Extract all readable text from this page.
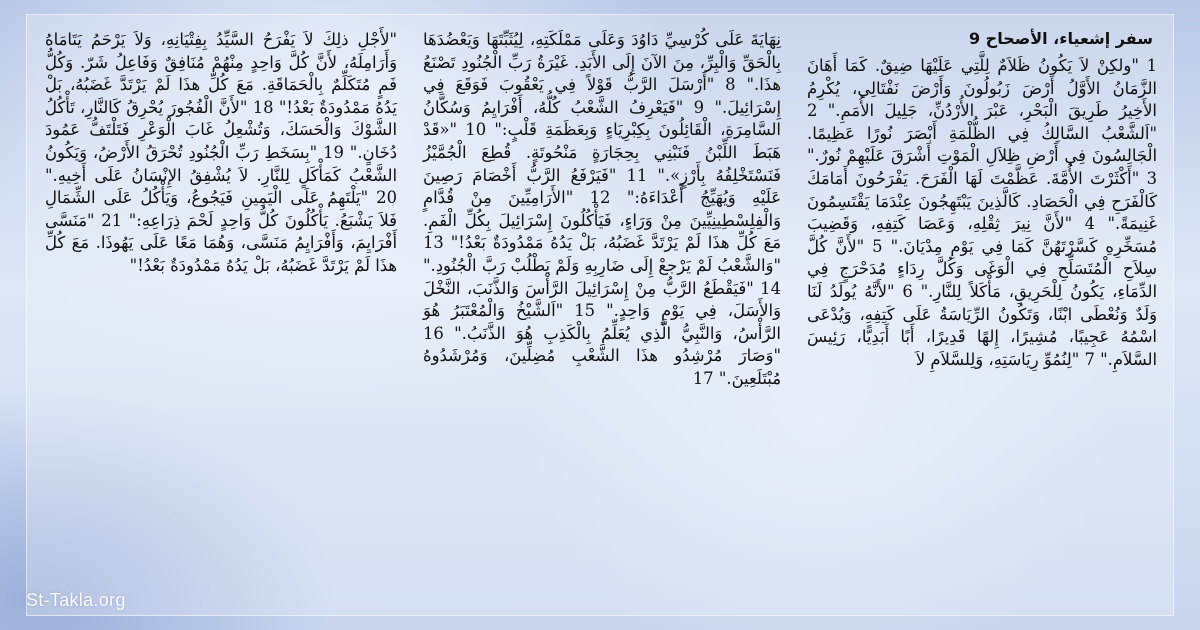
سفر إشعياء، الأصحاح 9

1 "ولكِنْ لاَ يَكُونُ ظَلاَمٌ لِلَّتِي عَلَيْهَا ضِيقٌ. كَمَا أَهَانَ الزَّمَانُ الأَوَّلُ أَرْضَ زَبُولُونَ وَأَرْضَ نَفْتَالِي، يُكْرِمُ الأَخِيرُ طَرِيقَ الْبَحْرِ، عَبْرَ الأُرْدُنِّ، جَلِيلَ الأُمَمِ." 2 "اَلشَّعْبُ السَّالِكُ فِي الظُّلْمَةِ أَبْصَرَ نُورًا عَظِيمًا. الْجَالِسُونَ فِي أَرْضِ ظِلاَلِ الْمَوْتِ أَشْرَقَ عَلَيْهِمْ نُورٌ." 3 "أَكْثَرْتَ الأُمَّةَ. عَظَّمْتَ لَهَا الْفَرَحَ. يَفْرَحُونَ أَمَامَكَ كَالْفَرَحِ فِي الْحَصَادِ. كَالَّذِينَ يَبْتَهِجُونَ عِنْدَمَا يَقْتَسِمُونَ غَنِيمَةً." 4 "لأَنَّ نِيرَ ثِقْلِهِ، وَعَصَا كَتِفِهِ، وَقَضِيبَ مُسَخِّرِهِ كَسَّرْتَهُنَّ كَمَا فِي يَوْمِ مِدْيَانَ." 5 "لأَنَّ كُلَّ سِلاَحِ الْمُتَسَلِّحِ فِي الْوَغَى وَكُلَّ رِدَاءٍ مُدَحْرَجٍ فِي الدِّمَاءِ، يَكُونُ لِلْحَرِيقِ، مَأْكَلاً لِلنَّارِ." 6 "لأَنَّهُ يُولَدُ لَنَا وَلَدٌ وَنُعْطَى ابْنًا، وَتَكُونُ الرِّيَاسَةُ عَلَى كَتِفِهِ، وَيُدْعَى اسْمُهُ عَجِيبًا، مُشِيرًا، إِلهًا قَدِيرًا، أَبًا أَبَدِيًّا، رَئِيسَ السَّلاَمِ." 7 "لِنُمُوِّ رِيَاسَتِهِ، وَلِلسَّلاَمِ لاَ

نِهَايَةَ عَلَى كُرْسِيِّ دَاوُدَ وَعَلَى مَمْلَكَتِهِ، لِيُثَبِّتَهَا وَيَعْضُدَهَا بِالْحَقِّ وَالْبِرِّ، مِنَ الآنَ إِلَى الأَبَدِ. غَيْرَةُ رَبِّ الْجُنُودِ تَصْنَعُ هذَا." 8 "أَرْسَلَ الرَّبُّ قَوْلاً فِي يَعْقُوبَ فَوَقَعَ فِي إِسْرَائِيلَ." 9 "فَيَعْرِفُ الشَّعْبُ كُلُّهُ، أَفْرَايِمُ وَسُكَّانُ السَّامِرَةِ، الْقَائِلُونَ بِكِبْرِيَاءٍ وَبِعَظَمَةِ قَلْبٍ:" 10 "«قَدْ هَبَطَ اللِّبْنُ فَنَبْنِي بِحِجَارَةٍ مَنْحُوتَةٍ. قُطِعَ الْجُمَّيْزُ فَنَسْتَخْلِفُهُ بِأَرْزٍ»." 11 "فَيَرْفَعُ الرَّبُّ أَخْصَامَ رَصِينَ عَلَيْهِ وَيُهَيِّجُ أَعْدَاءَهُ:" 12 "الأَرَامِيِّينَ مِنْ قُدَّامٍ وَالْفِلِسْطِينِيِّينَ مِنْ وَرَاءٍ، فَيَأْكُلُونَ إِسْرَائِيلَ بِكُلِّ الْفَمِ. مَعَ كُلِّ هذَا لَمْ يَرْتَدَّ غَضَبُهُ، بَلْ يَدُهُ مَمْدُودَةٌ بَعْدُ!" 13 "وَالشَّعْبُ لَمْ يَرْجعْ إِلَى ضَارِبِهِ وَلَمْ يَطْلُبْ رَبَّ الْجُنُودِ." 14 "فَيَقْطَعُ الرَّبُّ مِنْ إِسْرَائِيلَ الرَّأْسَ وَالذَّنَبَ، النَّخْلَ وَالأَسَلَ، فِي يَوْمٍ وَاحِدٍ." 15 "اَلشَّيْخُ وَالْمُعْتَبَرُ هُوَ الرَّأْسُ، وَالنَّبِيُّ الَّذِي يُعَلِّمُ بِالْكَذِبِ هُوَ الذَّنَبُ." 16 "وَصَارَ مُرْشِدُو هذَا الشَّعْبِ مُضِلِّينَ، وَمُرْشَدُوهُ مُبْتَلَعِينَ." 17

"لأَجْلِ ذلِكَ لاَ يَفْرَحُ السَّيِّدُ بِفِتْيَانِهِ، وَلاَ يَرْحَمُ يَتَامَاهُ وَأَرَامِلَهُ، لأَنَّ كُلَّ وَاحِدٍ مِنْهُمْ مُنَافِقٌ وَفَاعِلُ شَرّ. وَكُلُّ فَمٍ مُتَكَلِّمٌ بِالْحَمَاقَةِ. مَعَ كُلِّ هذَا لَمْ يَرْتَدَّ غَضَبُهُ، بَلْ يَدُهُ مَمْدُودَةٌ بَعْدُ!" 18 "لأَنَّ الْفُجُورَ يُحْرِقُ كَالنَّارِ، تَأْكُلُ الشَّوْكَ وَالْحَسَكَ، وَتُشْعِلُ غَابَ الْوَعْرِ فَتَلْتَفُّ عَمُودَ دُخَانٍ." 19 "بِسَخَطِ رَبِّ الْجُنُودِ تُحْرَقُ الأَرْضُ، وَيَكُونُ الشَّعْبُ كَمَأْكَلٍ لِلنَّارِ. لاَ يُشْفِقُ الإِنْسَانُ عَلَى أَخِيهِ." 20 "يَلْتَهِمُ عَلَى الْيَمِينِ فَيَجُوعُ، وَيَأْكُلُ عَلَى الشِّمَالِ فَلاَ يَشْبَعُ. يَأْكُلُونَ كُلُّ وَاحِدٍ لَحْمَ ذِرَاعِهِ:" 21 "مَنَسَّى أَفْرَايِمَ، وَأَفْرَايِمُ مَنَسَّى، وَهُمَا مَعًا عَلَى يَهُوذَا. مَعَ كُلِّ هذَا لَمْ يَرْتَدَّ غَضَبُهُ، بَلْ يَدُهُ مَمْدُودَةٌ بَعْدُ!"

St-Takla.org
